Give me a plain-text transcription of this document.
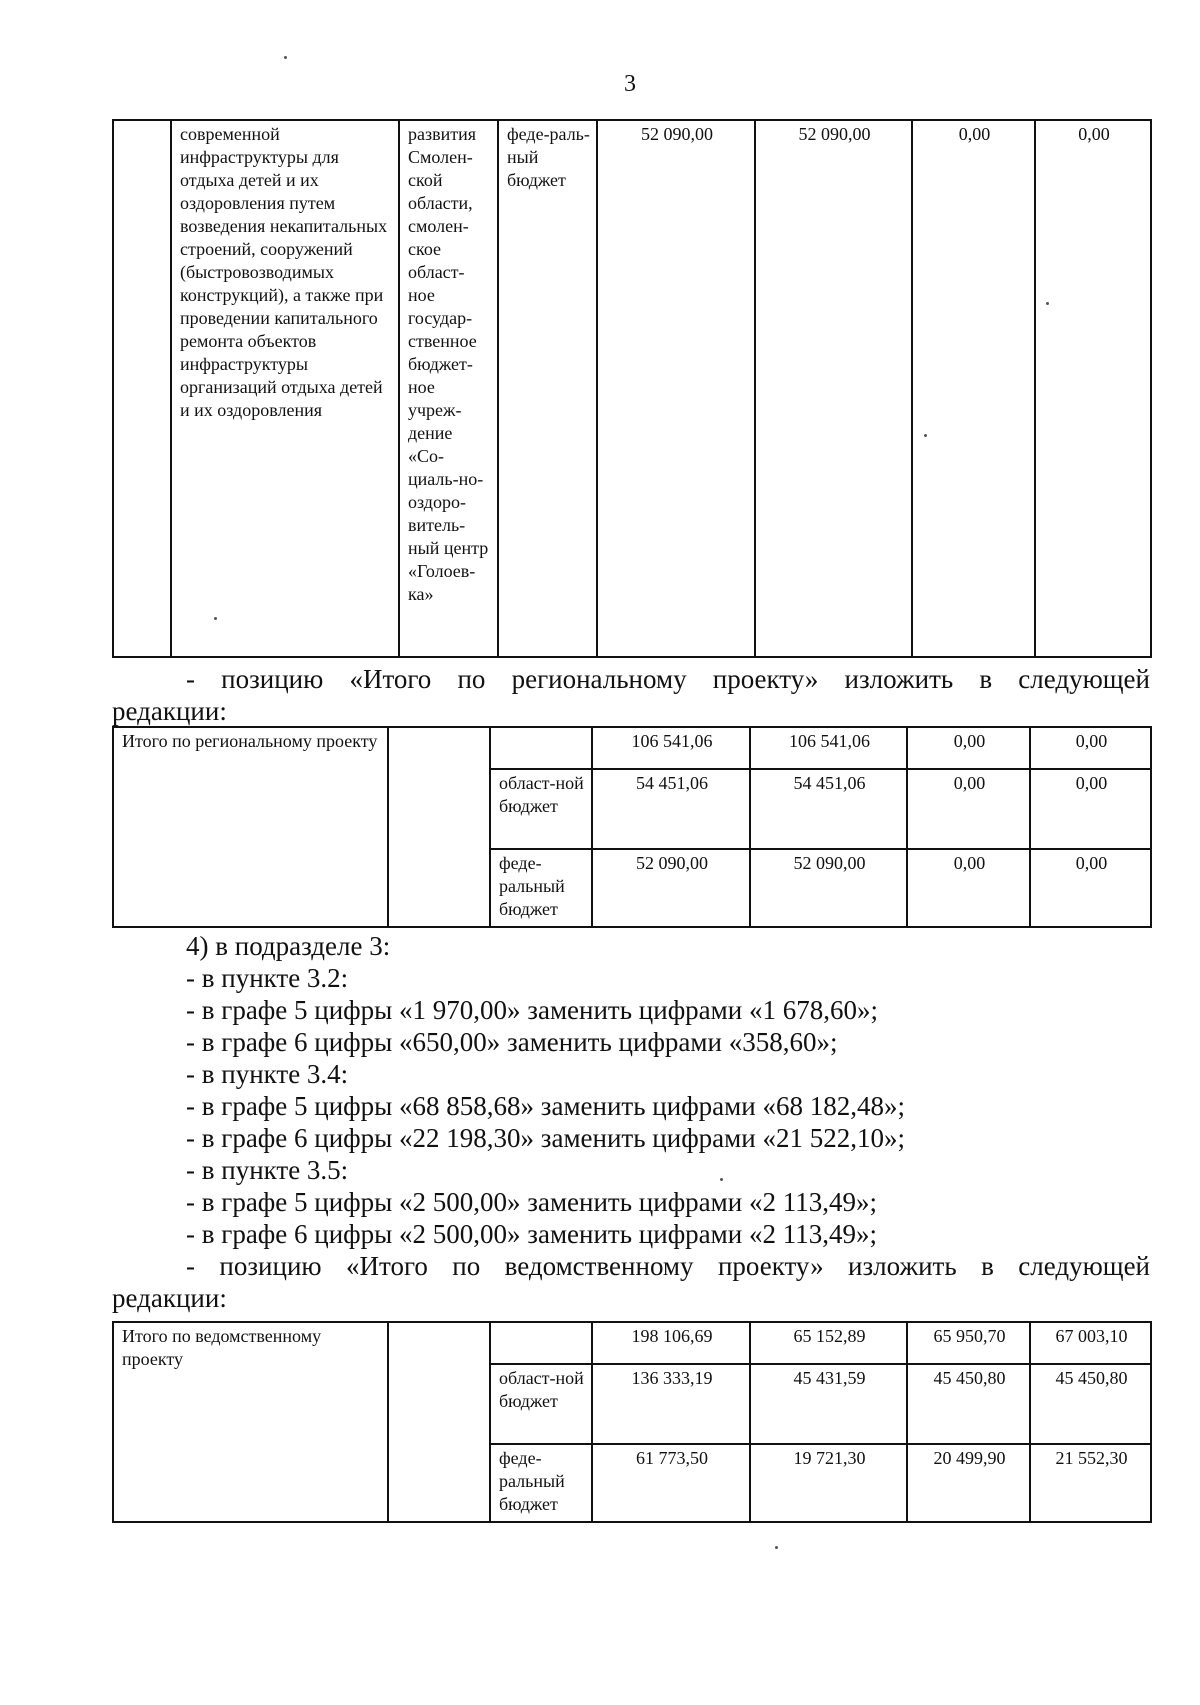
3
	современной инфраструктуры для отдыха детей и их оздоровления путем возведения некапитальных строений, сооружений (быстровозводимых конструкций), а также при проведении капитального ремонта объектов инфраструктуры организаций отдыха детей и их оздоровления	развития Смолен-ской области, смолен-ское област-ное государ-ственное бюджет-ное учреж-дение «Со-циаль-но-оздоро-витель-ный центр «Голоев-ка»	феде-раль-ный бюджет	52 090,00	52 090,00	0,00	0,00
- позицию «Итого по региональному проекту» изложить в следующей
редакции:
Итого по региональному проекту			106 541,06	106 541,06	0,00	0,00
		област-ной бюджет	54 451,06	54 451,06	0,00	0,00
		феде-ральный бюджет	52 090,00	52 090,00	0,00	0,00
4) в подразделе 3:
- в пункте 3.2:
- в графе 5 цифры «1 970,00» заменить цифрами «1 678,60»;
- в графе 6 цифры «650,00» заменить цифрами «358,60»;
- в пункте 3.4:
- в графе 5 цифры «68 858,68» заменить цифрами «68 182,48»;
- в графе 6 цифры «22 198,30» заменить цифрами «21 522,10»;
- в пункте 3.5:
- в графе 5 цифры «2 500,00» заменить цифрами «2 113,49»;
- в графе 6 цифры «2 500,00» заменить цифрами «2 113,49»;
- позицию «Итого по ведомственному проекту» изложить в следующей
редакции:
Итого по ведомственному проекту			198 106,69	65 152,89	65 950,70	67 003,10
		област-ной бюджет	136 333,19	45 431,59	45 450,80	45 450,80
		феде-ральный бюджет	61 773,50	19 721,30	20 499,90	21 552,30
